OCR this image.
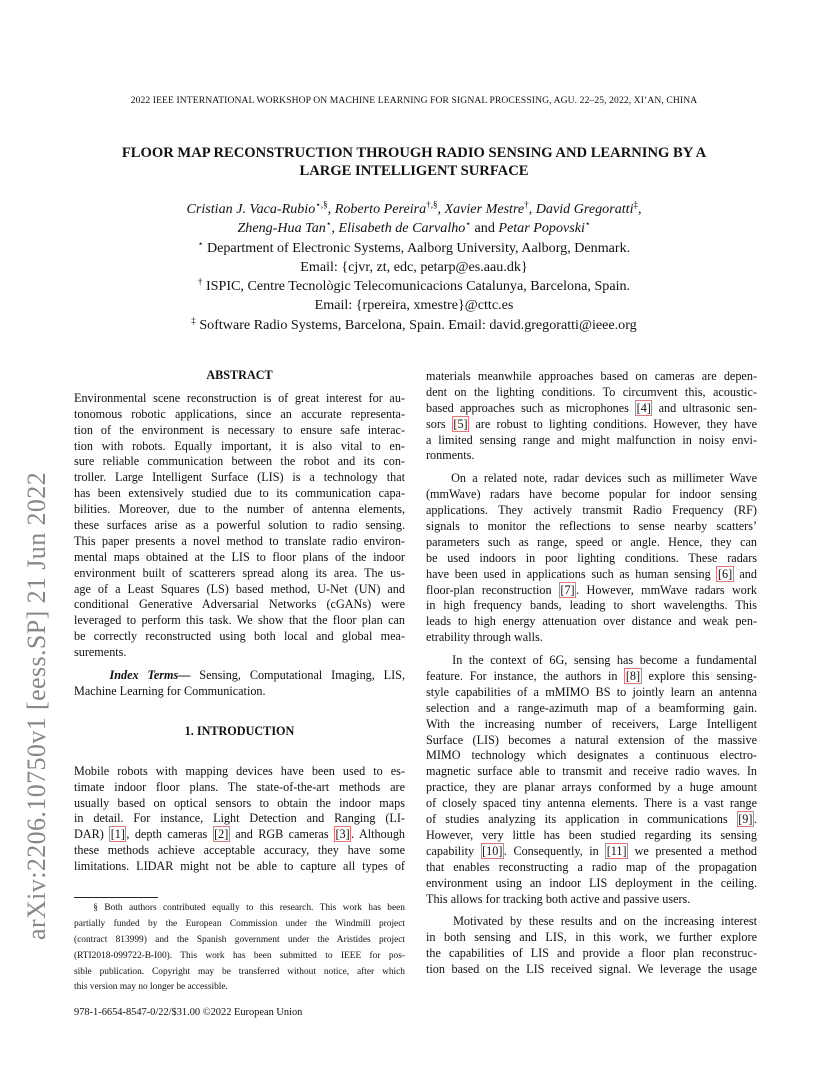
2022 IEEE INTERNATIONAL WORKSHOP ON MACHINE LEARNING FOR SIGNAL PROCESSING, AGU. 22–25, 2022, XI’AN, CHINA
arXiv:2206.10750v1 [eess.SP] 21 Jun 2022
FLOOR MAP RECONSTRUCTION THROUGH RADIO SENSING AND LEARNING BY A
LARGE INTELLIGENT SURFACE
Cristian J. Vaca-Rubio⋆,§, Roberto Pereira†,§, Xavier Mestre†, David Gregoratti‡,
Zheng-Hua Tan⋆, Elisabeth de Carvalho⋆ and Petar Popovski⋆
⋆ Department of Electronic Systems, Aalborg University, Aalborg, Denmark.
Email: {cjvr, zt, edc, petarp@es.aau.dk}
† ISPIC, Centre Tecnològic Telecomunicacions Catalunya, Barcelona, Spain.
Email: {rpereira, xmestre}@cttc.es
‡ Software Radio Systems, Barcelona, Spain. Email: david.gregoratti@ieee.org
ABSTRACT
Environmental scene reconstruction is of great interest for au-
tonomous robotic applications, since an accurate representa-
tion of the environment is necessary to ensure safe interac-
tion with robots. Equally important, it is also vital to en-
sure reliable communication between the robot and its con-
troller. Large Intelligent Surface (LIS) is a technology that
has been extensively studied due to its communication capa-
bilities. Moreover, due to the number of antenna elements,
these surfaces arise as a powerful solution to radio sensing.
This paper presents a novel method to translate radio environ-
mental maps obtained at the LIS to floor plans of the indoor
environment built of scatterers spread along its area. The us-
age of a Least Squares (LS) based method, U-Net (UN) and
conditional Generative Adversarial Networks (cGANs) were
leveraged to perform this task. We show that the floor plan can
be correctly reconstructed using both local and global mea-
surements.
Index Terms— Sensing, Computational Imaging, LIS,
Machine Learning for Communication.
1. INTRODUCTION
Mobile robots with mapping devices have been used to es-
timate indoor floor plans. The state-of-the-art methods are
usually based on optical sensors to obtain the indoor maps
in detail. For instance, Light Detection and Ranging (LI-
DAR) [1] , depth cameras [2] and RGB cameras [3] . Although
these methods achieve acceptable accuracy, they have some
limitations. LIDAR might not be able to capture all types of
materials meanwhile approaches based on cameras are depen-
dent on the lighting conditions. To circumvent this, acoustic-
based approaches such as microphones [4] and ultrasonic sen-
sors [5] are robust to lighting conditions. However, they have
a limited sensing range and might malfunction in noisy envi-
ronments.
On a related note, radar devices such as millimeter Wave
(mmWave) radars have become popular for indoor sensing
applications. They actively transmit Radio Frequency (RF)
signals to monitor the reflections to sense nearby scatters’
parameters such as range, speed or angle. Hence, they can
be used indoors in poor lighting conditions. These radars
have been used in applications such as human sensing [6] and
floor-plan reconstruction [7] . However, mmWave radars work
in high frequency bands, leading to short wavelengths. This
leads to high energy attenuation over distance and weak pen-
etrability through walls.
In the context of 6G, sensing has become a fundamental
feature. For instance, the authors in [8] explore this sensing-
style capabilities of a mMIMO BS to jointly learn an antenna
selection and a range-azimuth map of a beamforming gain.
With the increasing number of receivers, Large Intelligent
Surface (LIS) becomes a natural extension of the massive
MIMO technology which designates a continuous electro-
magnetic surface able to transmit and receive radio waves. In
practice, they are planar arrays conformed by a huge amount
of closely spaced tiny antenna elements. There is a vast range
of studies analyzing its application in communications [9] .
However, very little has been studied regarding its sensing
capability [10] . Consequently, in [11] we presented a method
that enables reconstructing a radio map of the propagation
environment using an indoor LIS deployment in the ceiling.
This allows for tracking both active and passive users.
Motivated by these results and on the increasing interest
in both sensing and LIS, in this work, we further explore
the capabilities of LIS and provide a floor plan reconstruc-
tion based on the LIS received signal. We leverage the usage
§ Both authors contributed equally to this research. This work has been
partially funded by the European Commission under the Windmill project
(contract 813999) and the Spanish government under the Aristides project
(RTI2018-099722-B-I00). This work has been submitted to IEEE for pos-
sible publication. Copyright may be transferred without notice, after which
this version may no longer be accessible.
978-1-6654-8547-0/22/$31.00 ©2022 European Union
